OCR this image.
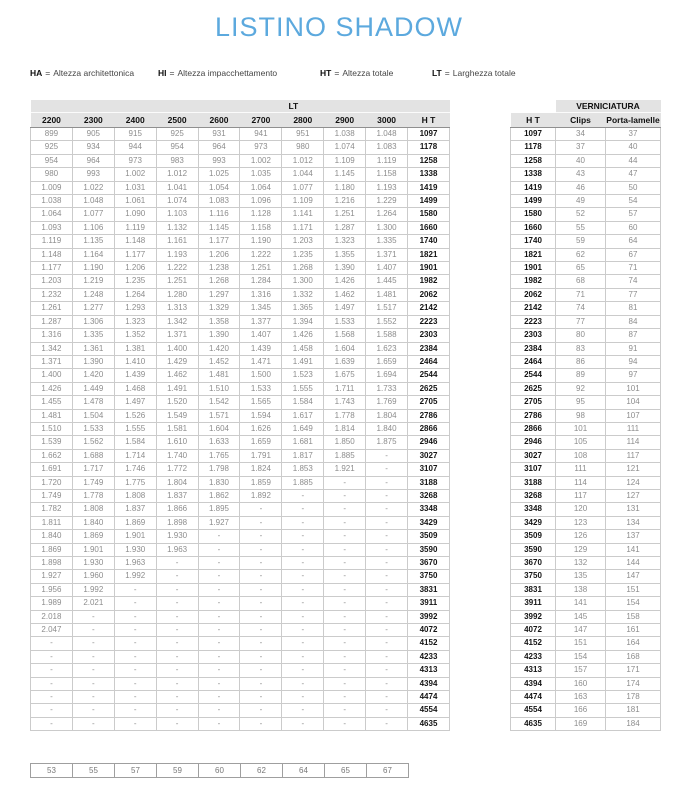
LISTINO SHADOW
HA = Altezza architettonica	HI = Altezza impacchettamento	HT = Altezza totale	LT = Larghezza totale
LT									
2200	2300	2400	2500	2600	2700	2800	2900	3000	H T
899	905	915	925	931	941	951	1.038	1.048	1097
925	934	944	954	964	973	980	1.074	1.083	1178
954	964	973	983	993	1.002	1.012	1.109	1.119	1258
980	993	1.002	1.012	1.025	1.035	1.044	1.145	1.158	1338
1.009	1.022	1.031	1.041	1.054	1.064	1.077	1.180	1.193	1419
1.038	1.048	1.061	1.074	1.083	1.096	1.109	1.216	1.229	1499
1.064	1.077	1.090	1.103	1.116	1.128	1.141	1.251	1.264	1580
1.093	1.106	1.119	1.132	1.145	1.158	1.171	1.287	1.300	1660
1.119	1.135	1.148	1.161	1.177	1.190	1.203	1.323	1.335	1740
1.148	1.164	1.177	1.193	1.206	1.222	1.235	1.355	1.371	1821
1.177	1.190	1.206	1.222	1.238	1.251	1.268	1.390	1.407	1901
1.203	1.219	1.235	1.251	1.268	1.284	1.300	1.426	1.445	1982
1.232	1.248	1.264	1.280	1.297	1.316	1.332	1.462	1.481	2062
1.261	1.277	1.293	1.313	1.329	1.345	1.365	1.497	1.517	2142
1.287	1.306	1.323	1.342	1.358	1.377	1.394	1.533	1.552	2223
1.316	1.335	1.352	1.371	1.390	1.407	1.426	1.568	1.588	2303
1.342	1.361	1.381	1.400	1.420	1.439	1.458	1.604	1.623	2384
1.371	1.390	1.410	1.429	1.452	1.471	1.491	1.639	1.659	2464
1.400	1.420	1.439	1.462	1.481	1.500	1.523	1.675	1.694	2544
1.426	1.449	1.468	1.491	1.510	1.533	1.555	1.711	1.733	2625
1.455	1.478	1.497	1.520	1.542	1.565	1.584	1.743	1.769	2705
1.481	1.504	1.526	1.549	1.571	1.594	1.617	1.778	1.804	2786
1.510	1.533	1.555	1.581	1.604	1.626	1.649	1.814	1.840	2866
1.539	1.562	1.584	1.610	1.633	1.659	1.681	1.850	1.875	2946
1.662	1.688	1.714	1.740	1.765	1.791	1.817	1.885	-	3027
1.691	1.717	1.746	1.772	1.798	1.824	1.853	1.921	-	3107
1.720	1.749	1.775	1.804	1.830	1.859	1.885	-	-	3188
1.749	1.778	1.808	1.837	1.862	1.892	-	-	-	3268
1.782	1.808	1.837	1.866	1.895	-	-	-	-	3348
1.811	1.840	1.869	1.898	1.927	-	-	-	-	3429
1.840	1.869	1.901	1.930	-	-	-	-	-	3509
1.869	1.901	1.930	1.963	-	-	-	-	-	3590
1.898	1.930	1.963	-	-	-	-	-	-	3670
1.927	1.960	1.992	-	-	-	-	-	-	3750
1.956	1.992	-	-	-	-	-	-	-	3831
1.989	2.021	-	-	-	-	-	-	-	3911
2.018	-	-	-	-	-	-	-	-	3992
2.047	-	-	-	-	-	-	-	-	4072
-	-	-	-	-	-	-	-	-	4152
-	-	-	-	-	-	-	-	-	4233
-	-	-	-	-	-	-	-	-	4313
-	-	-	-	-	-	-	-	-	4394
-	-	-	-	-	-	-	-	-	4474
-	-	-	-	-	-	-	-	-	4554
-	-	-	-	-	-	-	-	-	4635
	VERNICIATURA	
H T	Clips	Porta-lamelle
1097	34	37
1178	37	40
1258	40	44
1338	43	47
1419	46	50
1499	49	54
1580	52	57
1660	55	60
1740	59	64
1821	62	67
1901	65	71
1982	68	74
2062	71	77
2142	74	81
2223	77	84
2303	80	87
2384	83	91
2464	86	94
2544	89	97
2625	92	101
2705	95	104
2786	98	107
2866	101	111
2946	105	114
3027	108	117
3107	111	121
3188	114	124
3268	117	127
3348	120	131
3429	123	134
3509	126	137
3590	129	141
3670	132	144
3750	135	147
3831	138	151
3911	141	154
3992	145	158
4072	147	161
4152	151	164
4233	154	168
4313	157	171
4394	160	174
4474	163	178
4554	166	181
4635	169	184
53	55	57	59	60	62	64	65	67
